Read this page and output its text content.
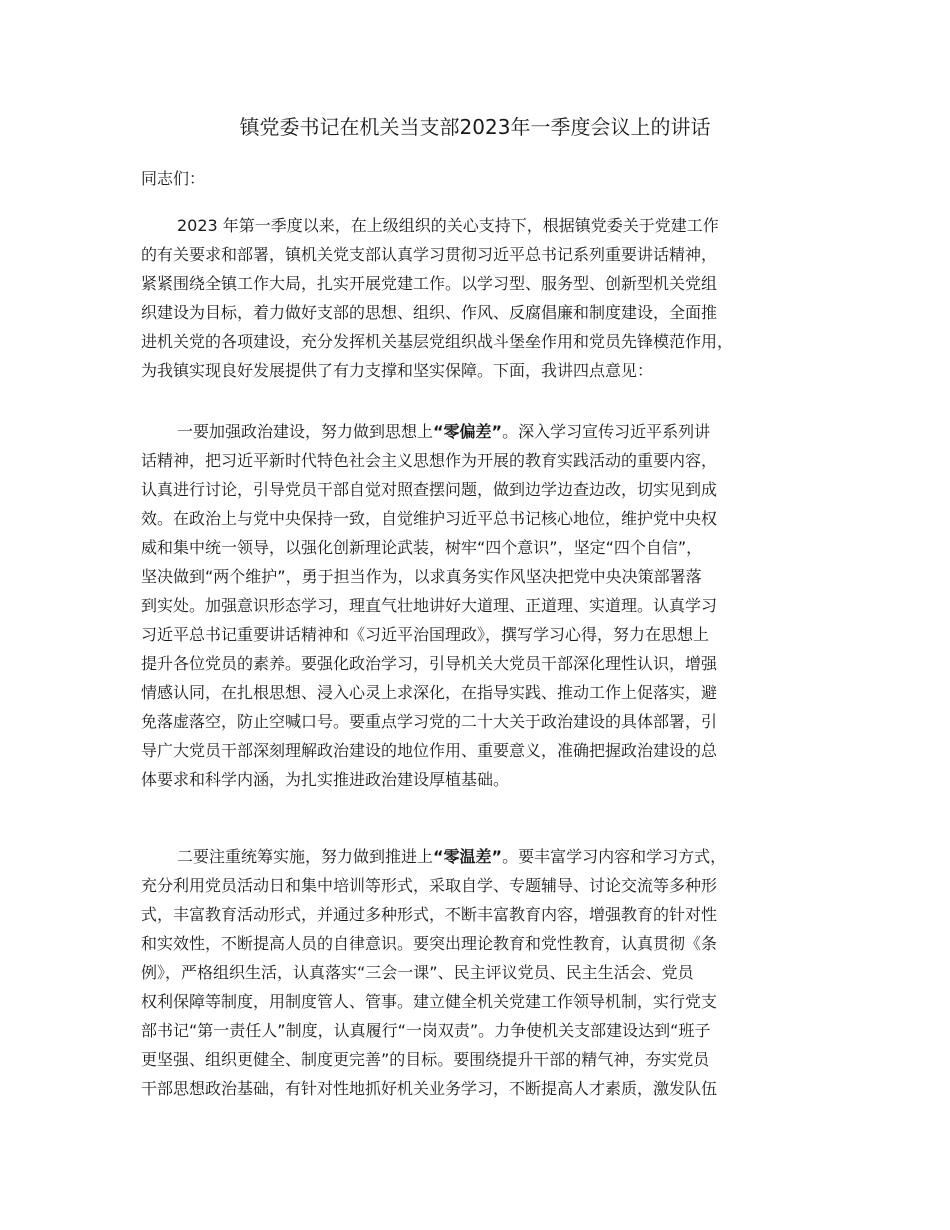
镇党委书记在机关当支部2023年一季度会议上的讲话
同志们：
2023 年第一季度以来，在上级组织的关心支持下，根据镇党委关于党建工作
的有关要求和部署，镇机关党支部认真学习贯彻习近平总书记系列重要讲话精神，
紧紧围绕全镇工作大局，扎实开展党建工作。以学习型、服务型、创新型机关党组
织建设为目标，着力做好支部的思想、组织、作风、反腐倡廉和制度建设，全面推
进机关党的各项建设，充分发挥机关基层党组织战斗堡垒作用和党员先锋模范作用，
为我镇实现良好发展提供了有力支撑和坚实保障。下面，我讲四点意见：
一要加强政治建设，努力做到思想上“零偏差”。深入学习宣传习近平系列讲
话精神，把习近平新时代特色社会主义思想作为开展的教育实践活动的重要内容，
认真进行讨论，引导党员干部自觉对照查摆问题，做到边学边查边改，切实见到成
效。在政治上与党中央保持一致，自觉维护习近平总书记核心地位，维护党中央权
威和集中统一领导，以强化创新理论武装，树牢“四个意识”，坚定“四个自信”，
坚决做到“两个维护”，勇于担当作为，以求真务实作风坚决把党中央决策部署落
到实处。加强意识形态学习，理直气壮地讲好大道理、正道理、实道理。认真学习
习近平总书记重要讲话精神和《习近平治国理政》，撰写学习心得，努力在思想上
提升各位党员的素养。要强化政治学习，引导机关大党员干部深化理性认识，增强
情感认同，在扎根思想、浸入心灵上求深化，在指导实践、推动工作上促落实，避
免落虚落空，防止空喊口号。要重点学习党的二十大关于政治建设的具体部署，引
导广大党员干部深刻理解政治建设的地位作用、重要意义，准确把握政治建设的总
体要求和科学内涵，为扎实推进政治建设厚植基础。
二要注重统筹实施，努力做到推进上“零温差”。要丰富学习内容和学习方式，
充分利用党员活动日和集中培训等形式，采取自学、专题辅导、讨论交流等多种形
式，丰富教育活动形式，并通过多种形式，不断丰富教育内容，增强教育的针对性
和实效性，不断提高人员的自律意识。要突出理论教育和党性教育，认真贯彻《条
例》，严格组织生活，认真落实“三会一课”、民主评议党员、民主生活会、党员
权利保障等制度，用制度管人、管事。建立健全机关党建工作领导机制，实行党支
部书记“第一责任人”制度，认真履行“一岗双责”。力争使机关支部建设达到“班子
更坚强、组织更健全、制度更完善”的目标。要围绕提升干部的精气神，夯实党员
干部思想政治基础，有针对性地抓好机关业务学习，不断提高人才素质，激发队伍
